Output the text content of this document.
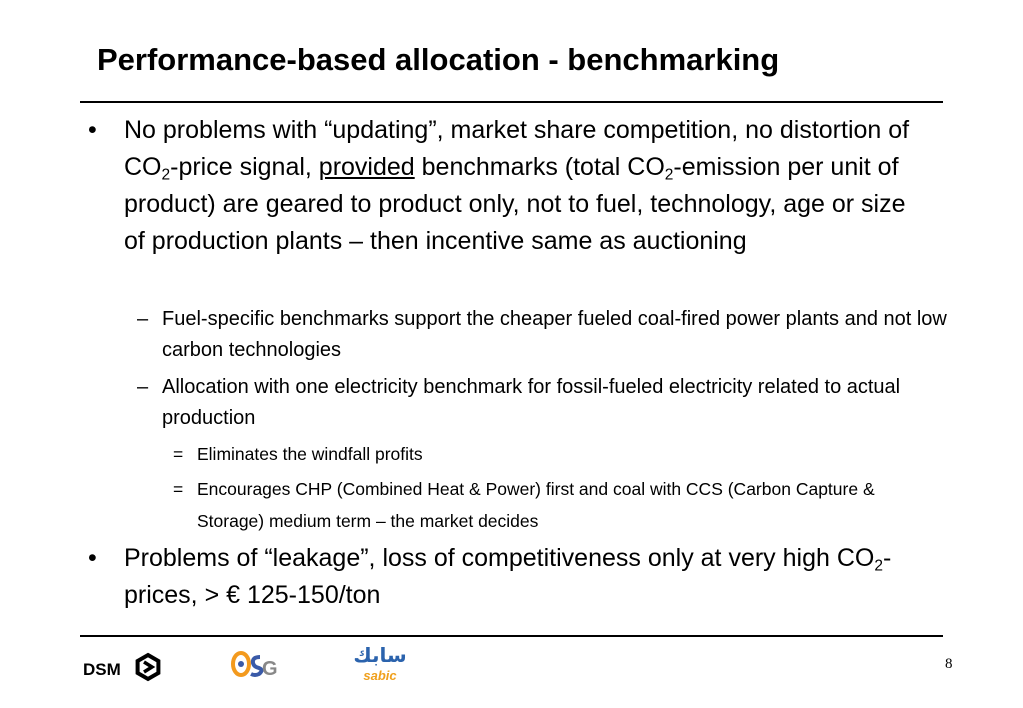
Performance-based allocation - benchmarking

• No problems with “updating”, market share competition, no distortion of $CO_2$-price signal, provided benchmarks (total $CO_2$-emission per unit of product) are geared to product only, not to fuel, technology, age or size of production plants – then incentive same as auctioning

– Fuel-specific benchmarks support the cheaper fueled coal-fired power plants and not low carbon technologies

– Allocation with one electricity benchmark for fossil-fueled electricity related to actual production

= Eliminates the windfall profits

= Encourages CHP (Combined Heat & Power) first and coal with CCS (Carbon Capture & Storage) medium term – the market decides

• Problems of “leakage”, loss of competitiveness only at very high $CO_2$-prices, > € 125-150/ton

DSM	G
OSG
سابك
sabic
8
